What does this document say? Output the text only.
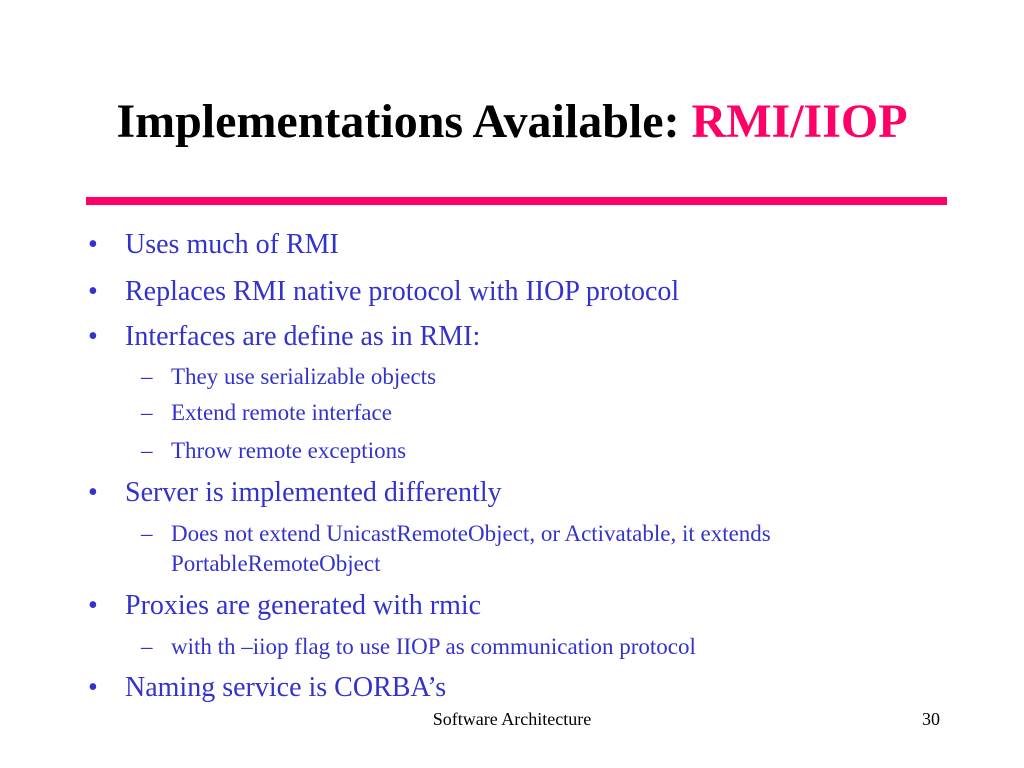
Implementations Available: RMI/IIOP
• Uses much of RMI
• Replaces RMI native protocol with IIOP protocol
• Interfaces are define as in RMI:
– They use serializable objects
– Extend remote interface
– Throw remote exceptions
• Server is implemented differently
– Does not extend UnicastRemoteObject, or Activatable, it extends
PortableRemoteObject
• Proxies are generated with rmic
– with th –iiop flag to use IIOP as communication protocol
• Naming service is CORBA’s
Software Architecture	30
